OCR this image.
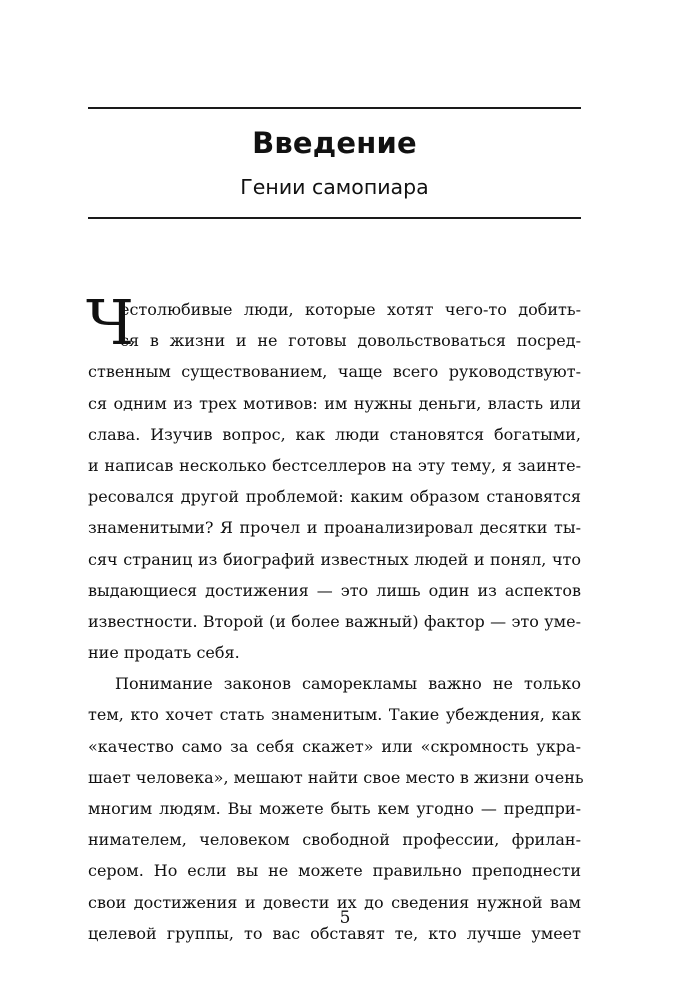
Введение
Гении самопиара
Ч
естолюбивые люди, которые хотят чего-то добить-
ся в жизни и не готовы довольствоваться посред-
ственным существованием, чаще всего руководствуют-
ся одним из трех мотивов: им нужны деньги, власть или
слава. Изучив вопрос, как люди становятся богатыми,
и написав несколько бестселлеров на эту тему, я заинте-
ресовался другой проблемой: каким образом становятся
знаменитыми? Я прочел и проанализировал десятки ты-
сяч страниц из биографий известных людей и понял, что
выдающиеся достижения — это лишь один из аспектов
известности. Второй (и более важный) фактор — это уме-
ние продать себя.
Понимание законов саморекламы важно не только
тем, кто хочет стать знаменитым. Такие убеждения, как
«качество само за себя скажет» или «скромность укра-
шает человека», мешают найти свое место в жизни очень
многим людям. Вы можете быть кем угодно — предпри-
нимателем, человеком свободной профессии, фрилан-
сером. Но если вы не можете правильно преподнести
свои достижения и довести их до сведения нужной вам
целевой группы, то вас обставят те, кто лучше умеет
5
